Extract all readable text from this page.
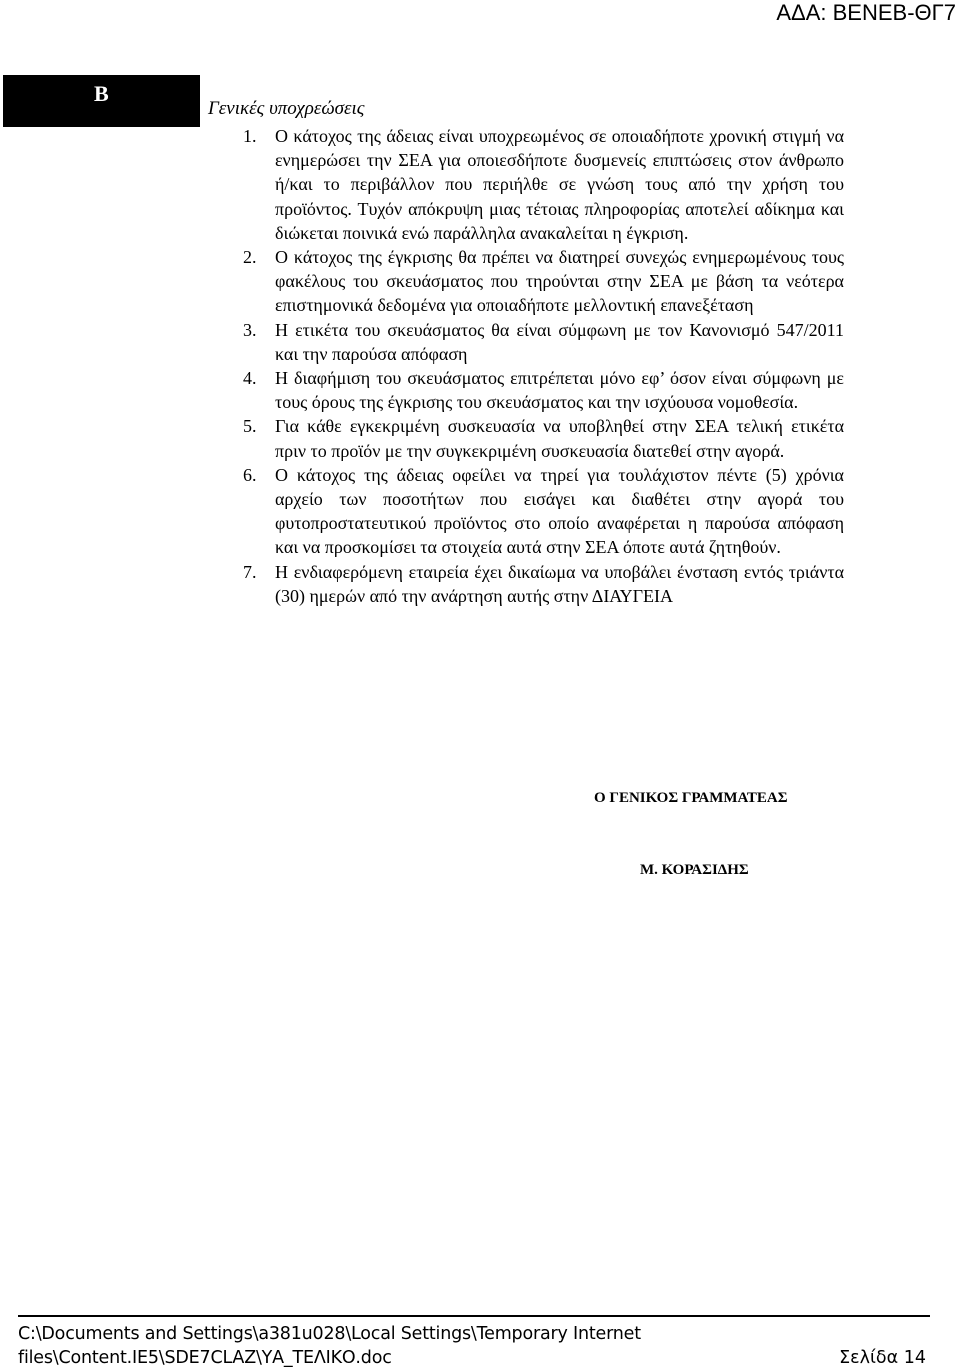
ΑΔΑ: ΒΕΝΕΒ-ΘΓ7
Β
Γενικές υποχρεώσεις
1. Ο κάτοχος της άδειας είναι υποχρεωμένος σε οποιαδήποτε χρονική στιγμή να ενημερώσει την ΣΕΑ για οποιεσδήποτε δυσμενείς επιπτώσεις στον άνθρωπο ή/και το περιβάλλον που περιήλθε σε γνώση τους από την χρήση του προϊόντος. Τυχόν απόκρυψη μιας τέτοιας πληροφορίας αποτελεί αδίκημα και διώκεται ποινικά ενώ παράλληλα ανακαλείται η έγκριση.
2. Ο κάτοχος της έγκρισης θα πρέπει να διατηρεί συνεχώς ενημερωμένους τους φακέλους του σκευάσματος που τηρούνται στην ΣΕΑ με βάση τα νεότερα επιστημονικά δεδομένα για οποιαδήποτε μελλοντική επανεξέταση
3. Η ετικέτα του σκευάσματος θα είναι σύμφωνη με τον Κανονισμό 547/2011 και την παρούσα απόφαση
4. Η διαφήμιση του σκευάσματος επιτρέπεται μόνο εφ’ όσον είναι σύμφωνη με τους όρους της έγκρισης του σκευάσματος και την ισχύουσα νομοθεσία.
5. Για κάθε εγκεκριμένη συσκευασία να υποβληθεί στην ΣΕΑ τελική ετικέτα πριν το προϊόν με την συγκεκριμένη συσκευασία διατεθεί στην αγορά.
6. Ο κάτοχος της άδειας οφείλει να τηρεί για τουλάχιστον πέντε (5) χρόνια αρχείο των ποσοτήτων που εισάγει και διαθέτει στην αγορά του φυτοπροστατευτικού προϊόντος στο οποίο αναφέρεται η παρούσα απόφαση και να προσκομίσει τα στοιχεία αυτά στην ΣΕΑ όποτε αυτά ζητηθούν.
7. Η ενδιαφερόμενη εταιρεία έχει δικαίωμα να υποβάλει ένσταση εντός τριάντα (30) ημερών από την ανάρτηση αυτής στην ΔΙΑΥΓΕΙΑ
Ο ΓΕΝΙΚΟΣ ΓΡΑΜΜΑΤΕΑΣ
Μ. ΚΟΡΑΣΙΔΗΣ
C:\Documents and Settings\a381u028\Local Settings\Temporary Internet
files\Content.IE5\SDE7CLAZ\ΥΑ_ΤΕΛΙΚΟ.doc	Σελίδα 14
